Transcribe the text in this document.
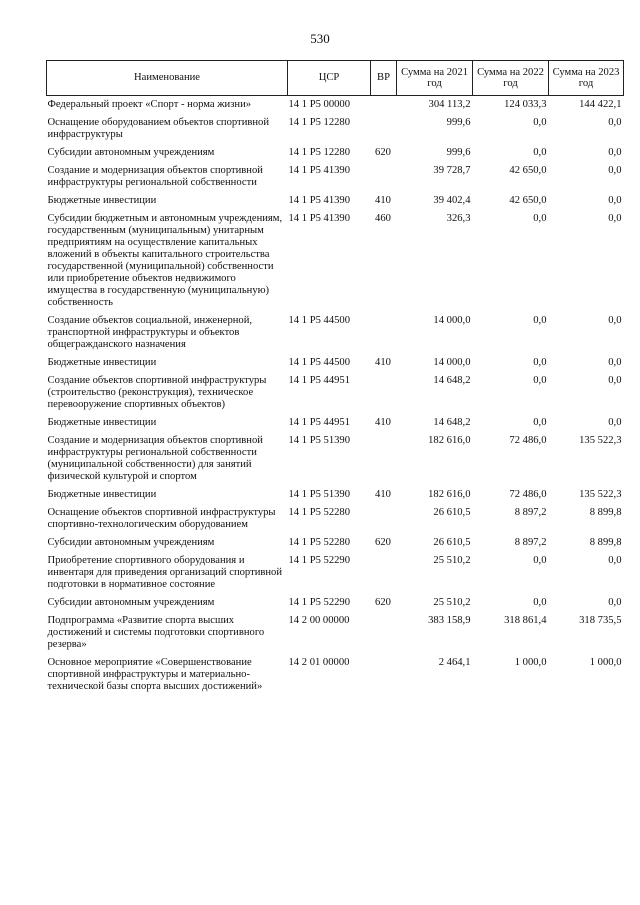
530
Наименование	ЦСР	ВР	Сумма на 2021 год	Сумма на 2022 год	Сумма на 2023 год
Федеральный проект «Спорт - норма жизни»	14 1 Р5 00000		304 113,2	124 033,3	144 422,1
Оснащение оборудованием объектов спортивной инфраструктуры	14 1 Р5 12280		999,6	0,0	0,0
Субсидии автономным учреждениям	14 1 Р5 12280	620	999,6	0,0	0,0
Создание и модернизация объектов спортивной инфраструктуры региональной собственности	14 1 Р5 41390		39 728,7	42 650,0	0,0
Бюджетные инвестиции	14 1 Р5 41390	410	39 402,4	42 650,0	0,0
Субсидии бюджетным и автономным учреждениям, государственным (муниципальным) унитарным предприятиям на осуществление капитальных вложений в объекты капитального строительства государственной (муниципальной) собственности или приобретение объектов недвижимого имущества в государственную (муниципальную) собственность	14 1 Р5 41390	460	326,3	0,0	0,0
Создание объектов социальной, инженерной, транспортной инфраструктуры и объектов общегражданского назначения	14 1 Р5 44500		14 000,0	0,0	0,0
Бюджетные инвестиции	14 1 Р5 44500	410	14 000,0	0,0	0,0
Создание объектов спортивной инфраструктуры (строительство (реконструкция), техническое перевооружение спортивных объектов)	14 1 Р5 44951		14 648,2	0,0	0,0
Бюджетные инвестиции	14 1 Р5 44951	410	14 648,2	0,0	0,0
Создание и модернизация объектов спортивной инфраструктуры региональной собственности (муниципальной собственности) для занятий физической культурой и спортом	14 1 Р5 51390		182 616,0	72 486,0	135 522,3
Бюджетные инвестиции	14 1 Р5 51390	410	182 616,0	72 486,0	135 522,3
Оснащение объектов спортивной инфраструктуры спортивно-технологическим оборудованием	14 1 Р5 52280		26 610,5	8 897,2	8 899,8
Субсидии автономным учреждениям	14 1 Р5 52280	620	26 610,5	8 897,2	8 899,8
Приобретение спортивного оборудования и инвентаря для приведения организаций спортивной подготовки в нормативное состояние	14 1 Р5 52290		25 510,2	0,0	0,0
Субсидии автономным учреждениям	14 1 Р5 52290	620	25 510,2	0,0	0,0
Подпрограмма «Развитие спорта высших достижений и системы подготовки спортивного резерва»	14 2 00 00000		383 158,9	318 861,4	318 735,5
Основное мероприятие «Совершенствование спортивной инфраструктуры и материально-технической базы спорта высших достижений»	14 2 01 00000		2 464,1	1 000,0	1 000,0
